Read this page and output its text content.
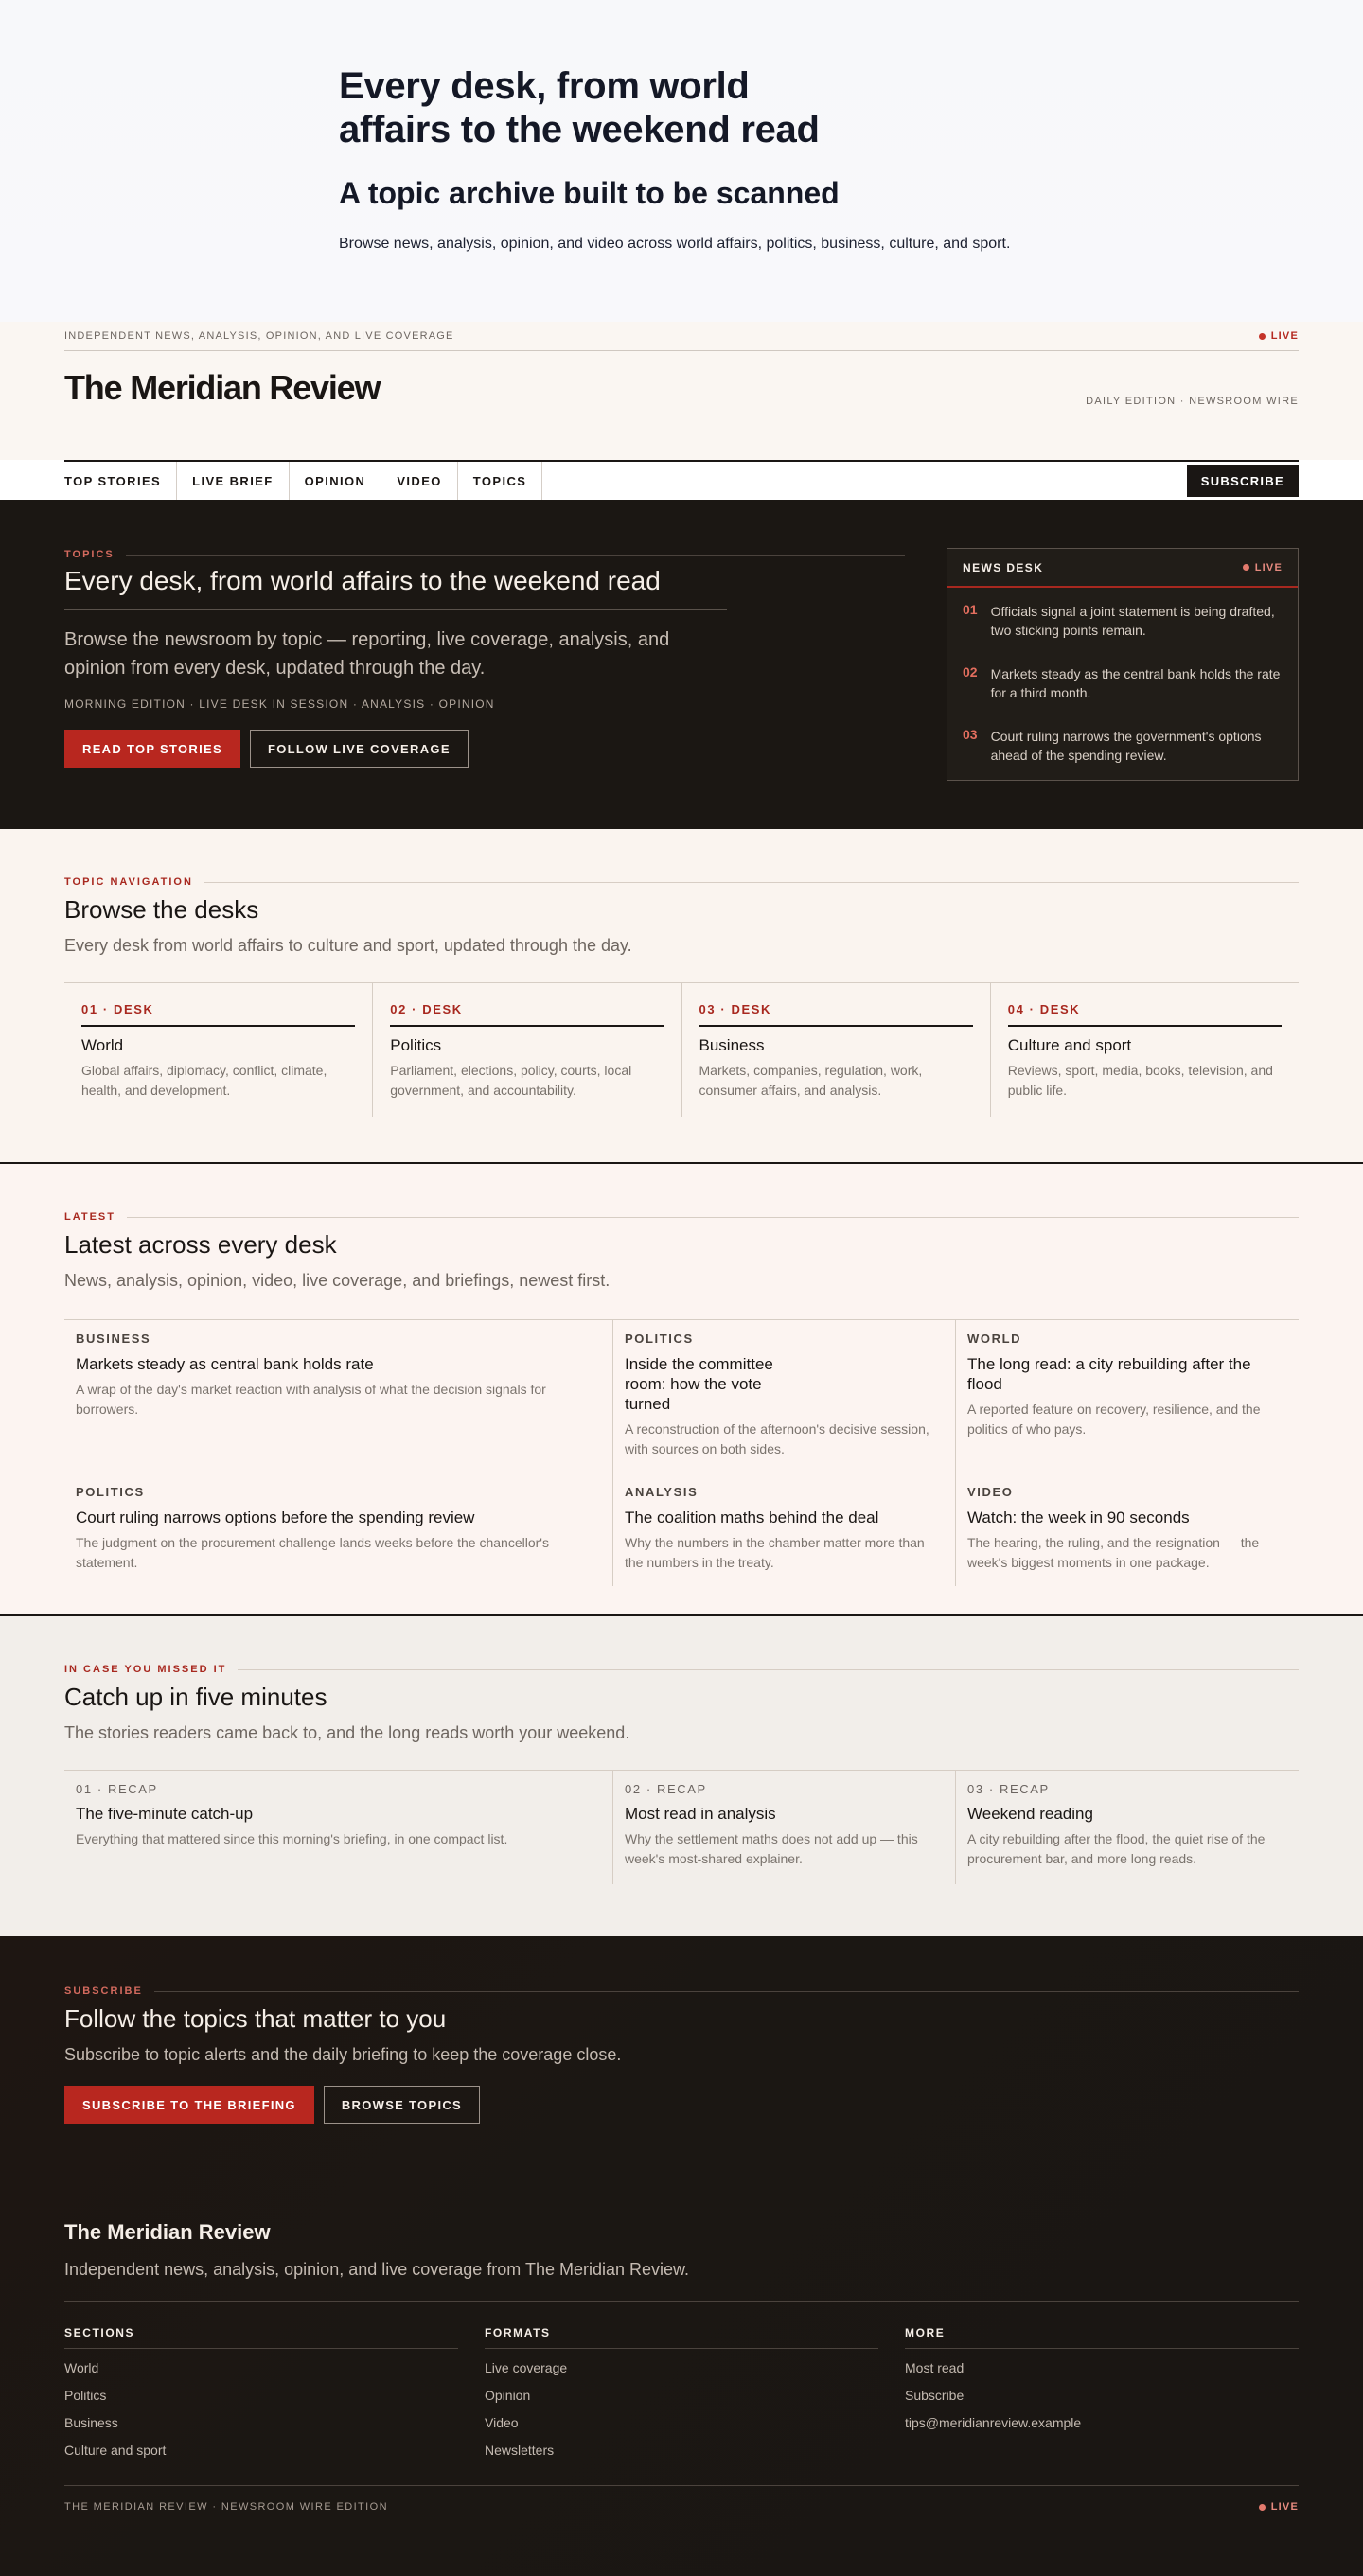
Every desk, from world affairs to the weekend read
A topic archive built to be scanned

Browse news, analysis, opinion, and video across world affairs, politics, business, culture, and sport.

INDEPENDENT NEWS, ANALYSIS, OPINION, AND LIVE COVERAGE	LIVE
The Meridian Review	DAILY EDITION · NEWSROOM WIRE
TOP STORIES	LIVE BRIEF	OPINION	VIDEO	TOPICS	SUBSCRIBE
TOPICS
Every desk, from world affairs to the weekend read

Browse the newsroom by topic — reporting, live coverage, analysis, and opinion from every desk, updated through the day.

MORNING EDITION · LIVE DESK IN SESSION · ANALYSIS · OPINION

READ TOP STORIES	FOLLOW LIVE COVERAGE
NEWS DESK	LIVE
01 Officials signal a joint statement is being drafted, two sticking points remain.
02 Markets steady as the central bank holds the rate for a third month.
03 Court ruling narrows the government's options ahead of the spending review.
TOPIC NAVIGATION
Browse the desks

Every desk from world affairs to culture and sport, updated through the day.

01 · DESK
World
Global affairs, diplomacy, conflict, climate, health, and development.
02 · DESK
Politics
Parliament, elections, policy, courts, local government, and accountability.
03 · DESK
Business
Markets, companies, regulation, work, consumer affairs, and analysis.
04 · DESK
Culture and sport
Reviews, sport, media, books, television, and public life.
LATEST
Latest across every desk

News, analysis, opinion, video, live coverage, and briefings, newest first.

BUSINESS
Markets steady as central bank holds rate
A wrap of the day's market reaction with analysis of what the decision signals for borrowers.
POLITICS
Inside the committee room: how the vote turned
A reconstruction of the afternoon's decisive session, with sources on both sides.
WORLD
The long read: a city rebuilding after the flood
A reported feature on recovery, resilience, and the politics of who pays.
POLITICS
Court ruling narrows options before the spending review
The judgment on the procurement challenge lands weeks before the chancellor's statement.
ANALYSIS
The coalition maths behind the deal
Why the numbers in the chamber matter more than the numbers in the treaty.
VIDEO
Watch: the week in 90 seconds
The hearing, the ruling, and the resignation — the week's biggest moments in one package.
IN CASE YOU MISSED IT
Catch up in five minutes

The stories readers came back to, and the long reads worth your weekend.

01 · RECAP
The five-minute catch-up
Everything that mattered since this morning's briefing, in one compact list.
02 · RECAP
Most read in analysis
Why the settlement maths does not add up — this week's most-shared explainer.
03 · RECAP
Weekend reading
A city rebuilding after the flood, the quiet rise of the procurement bar, and more long reads.
SUBSCRIBE
Follow the topics that matter to you

Subscribe to topic alerts and the daily briefing to keep the coverage close.

SUBSCRIBE TO THE BRIEFING	BROWSE TOPICS
The Meridian Review
Independent news, analysis, opinion, and live coverage from The Meridian Review.
SECTIONS
World
Politics
Business
Culture and sport
FORMATS
Live coverage
Opinion
Video
Newsletters
MORE
Most read
Subscribe
tips@meridianreview.example
THE MERIDIAN REVIEW · NEWSROOM WIRE EDITION	LIVE
